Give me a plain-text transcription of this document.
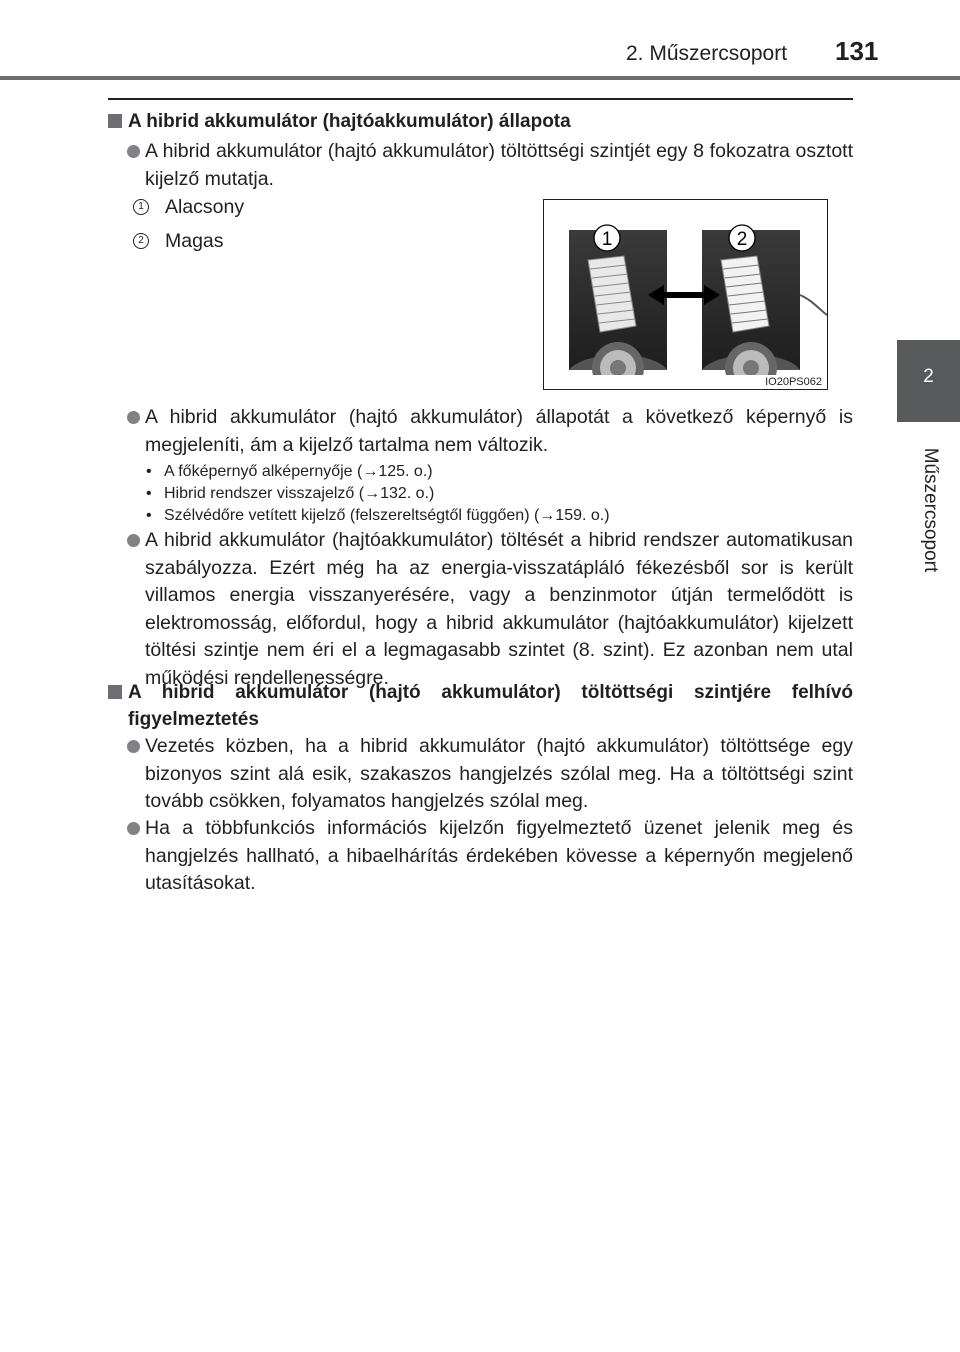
2. Műszercsoport 131
2
Műszercsoport
A hibrid akkumulátor (hajtóakkumulátor) állapota
A hibrid akkumulátor (hajtó akkumulátor) töltöttségi szintjét egy 8 fokozatra osztott kijelző mutatja.
1 Alacsony
2 Magas	1	2
IO20PS062
A hibrid akkumulátor (hajtó akkumulátor) állapotát a következő képernyő is megjeleníti, ám a kijelző tartalma nem változik.
• A főképernyő alképernyője (→125. o.)
• Hibrid rendszer visszajelző (→132. o.)
• Szélvédőre vetített kijelző (felszereltségtől függően) (→159. o.)
A hibrid akkumulátor (hajtóakkumulátor) töltését a hibrid rendszer automatikusan szabályozza. Ezért még ha az energia-visszatápláló fékezésből sor is került villamos energia visszanyerésére, vagy a benzinmotor útján termelődött is elektromosság, előfordul, hogy a hibrid akkumulátor (hajtóakkumulátor) kijelzett töltési szintje nem éri el a legmagasabb szintet (8. szint). Ez azonban nem utal működési rendellenességre.
A hibrid akkumulátor (hajtó akkumulátor) töltöttségi szintjére felhívó figyelmeztetés
Vezetés közben, ha a hibrid akkumulátor (hajtó akkumulátor) töltöttsége egy bizonyos szint alá esik, szakaszos hangjelzés szólal meg. Ha a töltöttségi szint tovább csökken, folyamatos hangjelzés szólal meg.
Ha a többfunkciós információs kijelzőn figyelmeztető üzenet jelenik meg és hangjelzés hallható, a hibaelhárítás érdekében kövesse a képernyőn megjelenő utasításokat.
